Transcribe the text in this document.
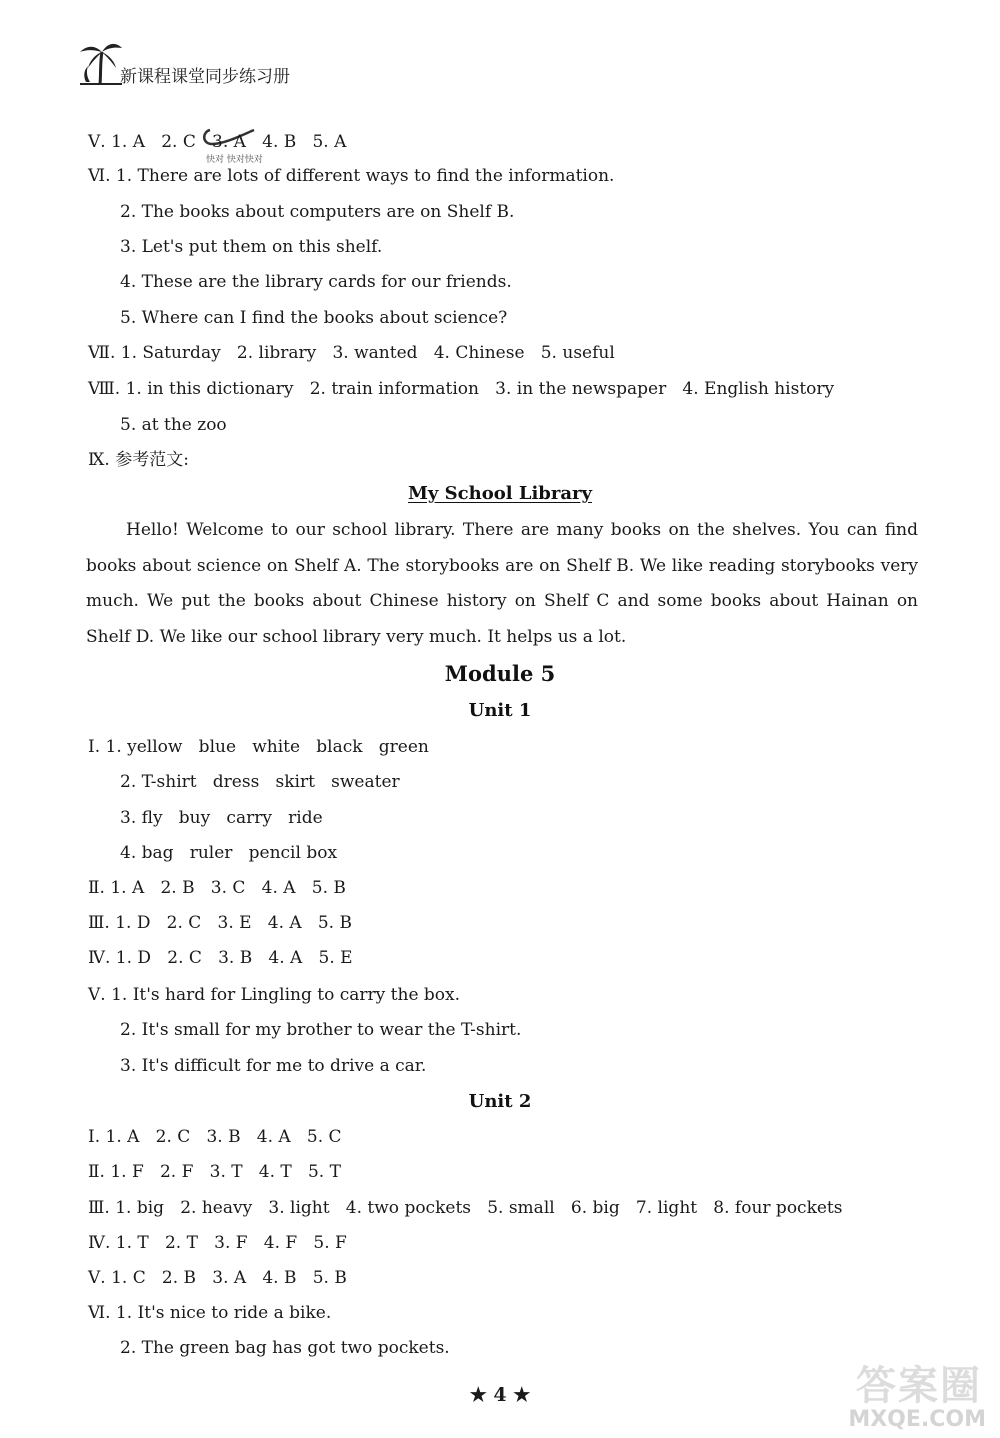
新课程课堂同步练习册
快对 快对快对
Ⅴ. 1. A   2. C   3. A   4. B   5. A
Ⅵ. 1. There are lots of different ways to find the information.
2. The books about computers are on Shelf B.
3. Let's put them on this shelf.
4. These are the library cards for our friends.
5. Where can I find the books about science?
Ⅶ. 1. Saturday   2. library   3. wanted   4. Chinese   5. useful
Ⅷ. 1. in this dictionary   2. train information   3. in the newspaper   4. English history
5. at the zoo
Ⅸ. 参考范文:
My School Library
Hello! Welcome to our school library. There are many books on the shelves. You can find books about science on Shelf A. The storybooks are on Shelf B. We like reading storybooks very much. We put the books about Chinese history on Shelf C and some books about Hainan on Shelf D. We like our school library very much. It helps us a lot.
Module 5
Unit 1
Ⅰ. 1. yellow   blue   white   black   green
2. T-shirt   dress   skirt   sweater
3. fly   buy   carry   ride
4. bag   ruler   pencil box
Ⅱ. 1. A   2. B   3. C   4. A   5. B
Ⅲ. 1. D   2. C   3. E   4. A   5. B
Ⅳ. 1. D   2. C   3. B   4. A   5. E
Ⅴ. 1. It's hard for Lingling to carry the box.
2. It's small for my brother to wear the T-shirt.
3. It's difficult for me to drive a car.
Unit 2
Ⅰ. 1. A   2. C   3. B   4. A   5. C
Ⅱ. 1. F   2. F   3. T   4. T   5. T
Ⅲ. 1. big   2. heavy   3. light   4. two pockets   5. small   6. big   7. light   8. four pockets
Ⅳ. 1. T   2. T   3. F   4. F   5. F
Ⅴ. 1. C   2. B   3. A   4. B   5. B
Ⅵ. 1. It's nice to ride a bike.
2. The green bag has got two pockets.
★ 4 ★	答案圈
MXQE.COM
